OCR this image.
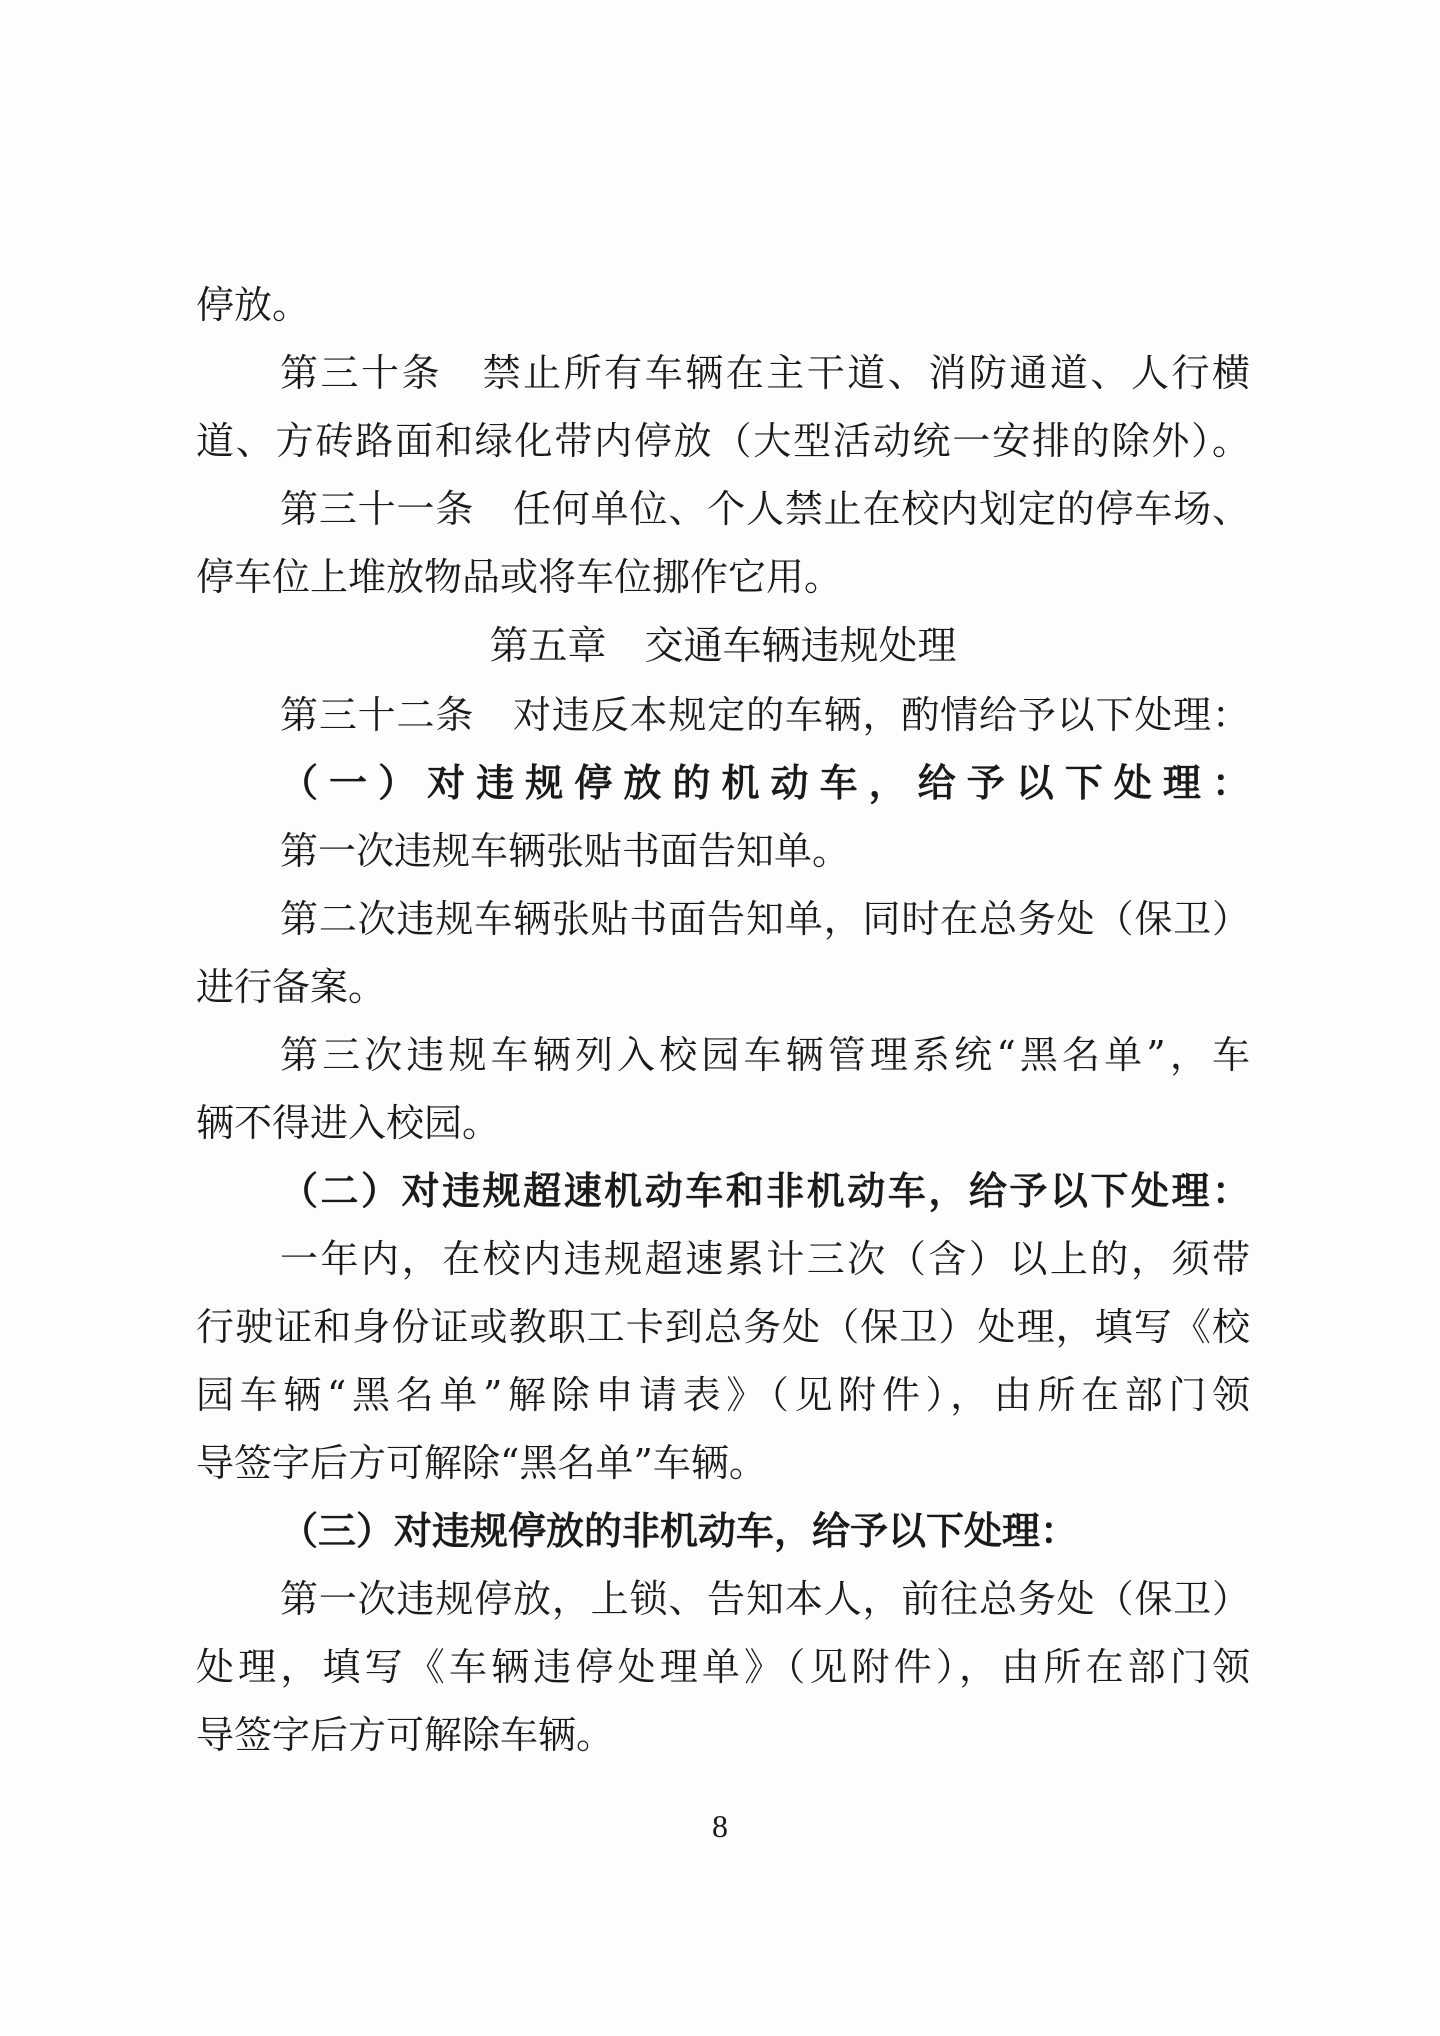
停放。
第三十条 禁止所有车辆在主干道、消防通道、人行横
道、方砖路面和绿化带内停放（大型活动统一安排的除外）。
第三十一条 任何单位、个人禁止在校内划定的停车场、
停车位上堆放物品或将车位挪作它用。
第五章 交通车辆违规处理
第三十二条 对违反本规定的车辆，酌情给予以下处理：
（一）对违规停放的机动车，给予以下处理：
第一次违规车辆张贴书面告知单。
第二次违规车辆张贴书面告知单，同时在总务处（保卫）
进行备案。
第三次违规车辆列入校园车辆管理系统“黑名单”，车
辆不得进入校园。
（二）对违规超速机动车和非机动车，给予以下处理：
一年内，在校内违规超速累计三次（含）以上的，须带
行驶证和身份证或教职工卡到总务处（保卫）处理，填写《校
园车辆“黑名单”解除申请表》（见附件），由所在部门领
导签字后方可解除“黑名单”车辆。
（三）对违规停放的非机动车，给予以下处理：
第一次违规停放，上锁、告知本人，前往总务处（保卫）
处理，填写《车辆违停处理单》（见附件），由所在部门领
导签字后方可解除车辆。
8
